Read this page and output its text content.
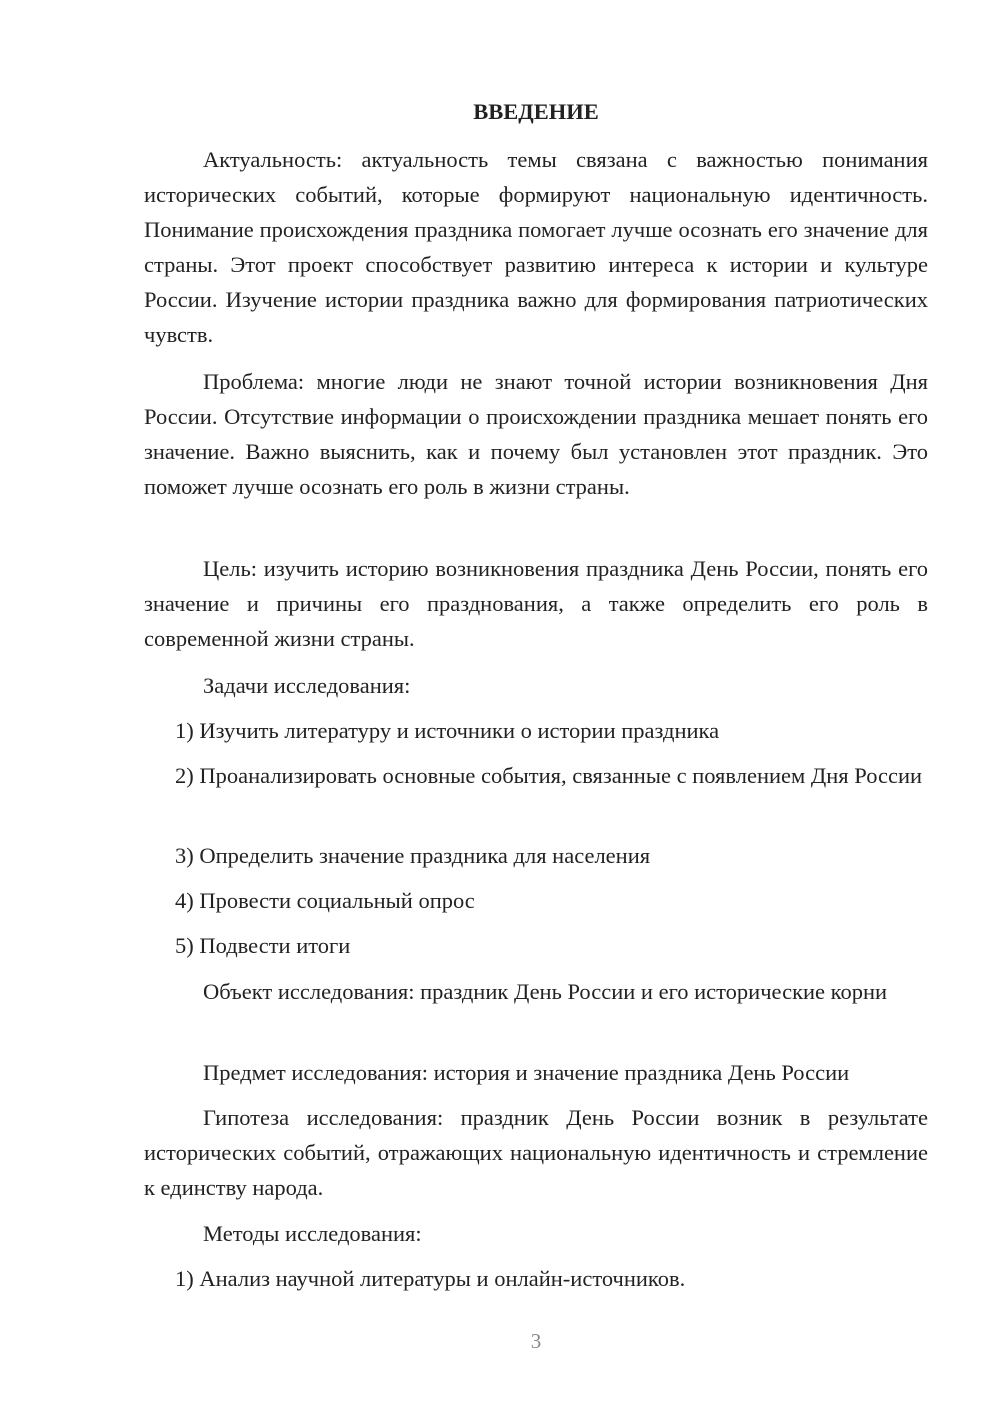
ВВЕДЕНИЕ

Актуальность: актуальность темы связана с важностью понимания исторических событий, которые формируют национальную идентичность. Понимание происхождения праздника помогает лучше осознать его значение для страны. Этот проект способствует развитию интереса к истории и культуре России. Изучение истории праздника важно для формирования патриотических чувств.

Проблема: многие люди не знают точной истории возникновения Дня России. Отсутствие информации о происхождении праздника мешает понять его значение. Важно выяснить, как и почему был установлен этот праздник. Это поможет лучше осознать его роль в жизни страны.

Цель: изучить историю возникновения праздника День России, понять его значение и причины его празднования, а также определить его роль в современной жизни страны.

Задачи исследования:

1) Изучить литературу и источники о истории праздника

2) Проанализировать основные события, связанные с появлением Дня России

3) Определить значение праздника для населения

4) Провести социальный опрос

5) Подвести итоги

Объект исследования: праздник День России и его исторические корни

Предмет исследования: история и значение праздника День России

Гипотеза исследования: праздник День России возник в результате исторических событий, отражающих национальную идентичность и стремление к единству народа.

Методы исследования:

1) Анализ научной литературы и онлайн-источников.

3
